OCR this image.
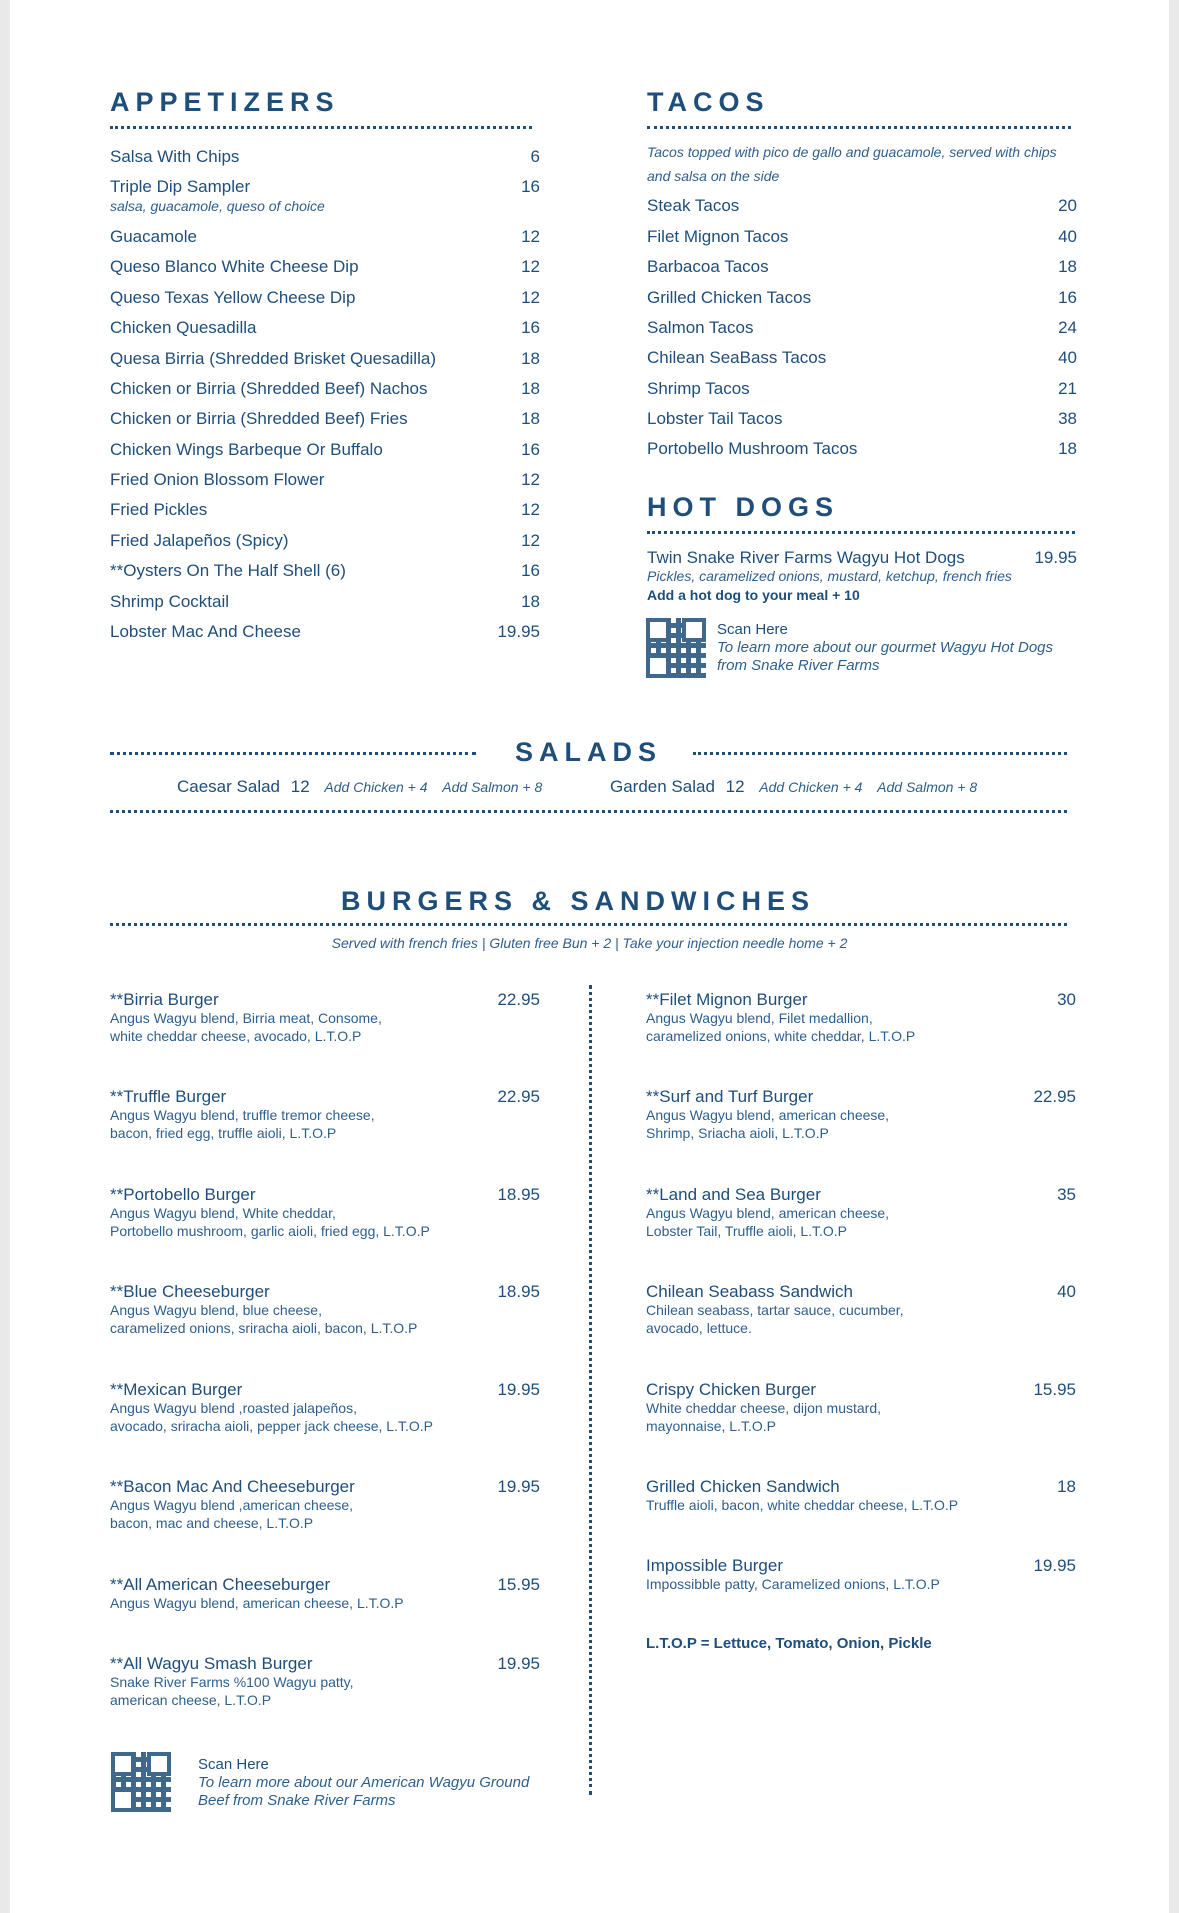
APPETIZERS
Salsa With Chips	6
Triple Dip Sampler	16
salsa, guacamole, queso of choice
Guacamole	12
Queso Blanco White Cheese Dip	12
Queso Texas Yellow Cheese Dip	12
Chicken Quesadilla	16
Quesa Birria (Shredded Brisket Quesadilla)	18
Chicken or Birria (Shredded Beef) Nachos	18
Chicken or Birria (Shredded Beef) Fries	18
Chicken Wings Barbeque Or Buffalo	16
Fried Onion Blossom Flower	12
Fried Pickles	12
Fried Jalapeños (Spicy)	12
**Oysters On The Half Shell (6)	16
Shrimp Cocktail	18
Lobster Mac And Cheese	19.95
TACOS
Tacos topped with pico de gallo and guacamole, served with chips and salsa on the side
Steak Tacos	20
Filet Mignon Tacos	40
Barbacoa Tacos	18
Grilled Chicken Tacos	16
Salmon Tacos	24
Chilean SeaBass Tacos	40
Shrimp Tacos	21
Lobster Tail Tacos	38
Portobello Mushroom Tacos	18
HOT DOGS
Twin Snake River Farms Wagyu Hot Dogs	19.95
Pickles, caramelized onions, mustard, ketchup, french fries
Add a hot dog to your meal + 10
Scan Here
To learn more about our gourmet Wagyu Hot Dogs
from Snake River Farms
SALADS
Caesar Salad 12 Add Chicken + 4 Add Salmon + 8	Garden Salad 12 Add Chicken + 4 Add Salmon + 8
BURGERS & SANDWICHES
Served with french fries | Gluten free Bun + 2 | Take your injection needle home + 2
**Birria Burger	22.95
Angus Wagyu blend, Birria meat, Consome,
white cheddar cheese, avocado, L.T.O.P
**Truffle Burger	22.95
Angus Wagyu blend, truffle tremor cheese,
bacon, fried egg, truffle aioli, L.T.O.P
**Portobello Burger	18.95
Angus Wagyu blend, White cheddar,
Portobello mushroom, garlic aioli, fried egg, L.T.O.P
**Blue Cheeseburger	18.95
Angus Wagyu blend, blue cheese,
caramelized onions, sriracha aioli, bacon, L.T.O.P
**Mexican Burger	19.95
Angus Wagyu blend ,roasted jalapeños,
avocado, sriracha aioli, pepper jack cheese, L.T.O.P
**Bacon Mac And Cheeseburger	19.95
Angus Wagyu blend ,american cheese,
bacon, mac and cheese, L.T.O.P
**All American Cheeseburger	15.95
Angus Wagyu blend, american cheese, L.T.O.P
**All Wagyu Smash Burger	19.95
Snake River Farms %100 Wagyu patty,
american cheese, L.T.O.P
Scan Here
To learn more about our American Wagyu Ground
Beef from Snake River Farms
**Filet Mignon Burger	30
Angus Wagyu blend, Filet medallion,
caramelized onions, white cheddar, L.T.O.P
**Surf and Turf Burger	22.95
Angus Wagyu blend, american cheese,
Shrimp, Sriacha aioli, L.T.O.P
**Land and Sea Burger	35
Angus Wagyu blend, american cheese,
Lobster Tail, Truffle aioli, L.T.O.P
Chilean Seabass Sandwich	40
Chilean seabass, tartar sauce, cucumber,
avocado, lettuce.
Crispy Chicken Burger	15.95
White cheddar cheese, dijon mustard,
mayonnaise, L.T.O.P
Grilled Chicken Sandwich	18
Truffle aioli, bacon, white cheddar cheese, L.T.O.P
Impossible Burger	19.95
Impossibble patty, Caramelized onions, L.T.O.P
L.T.O.P = Lettuce, Tomato, Onion, Pickle
